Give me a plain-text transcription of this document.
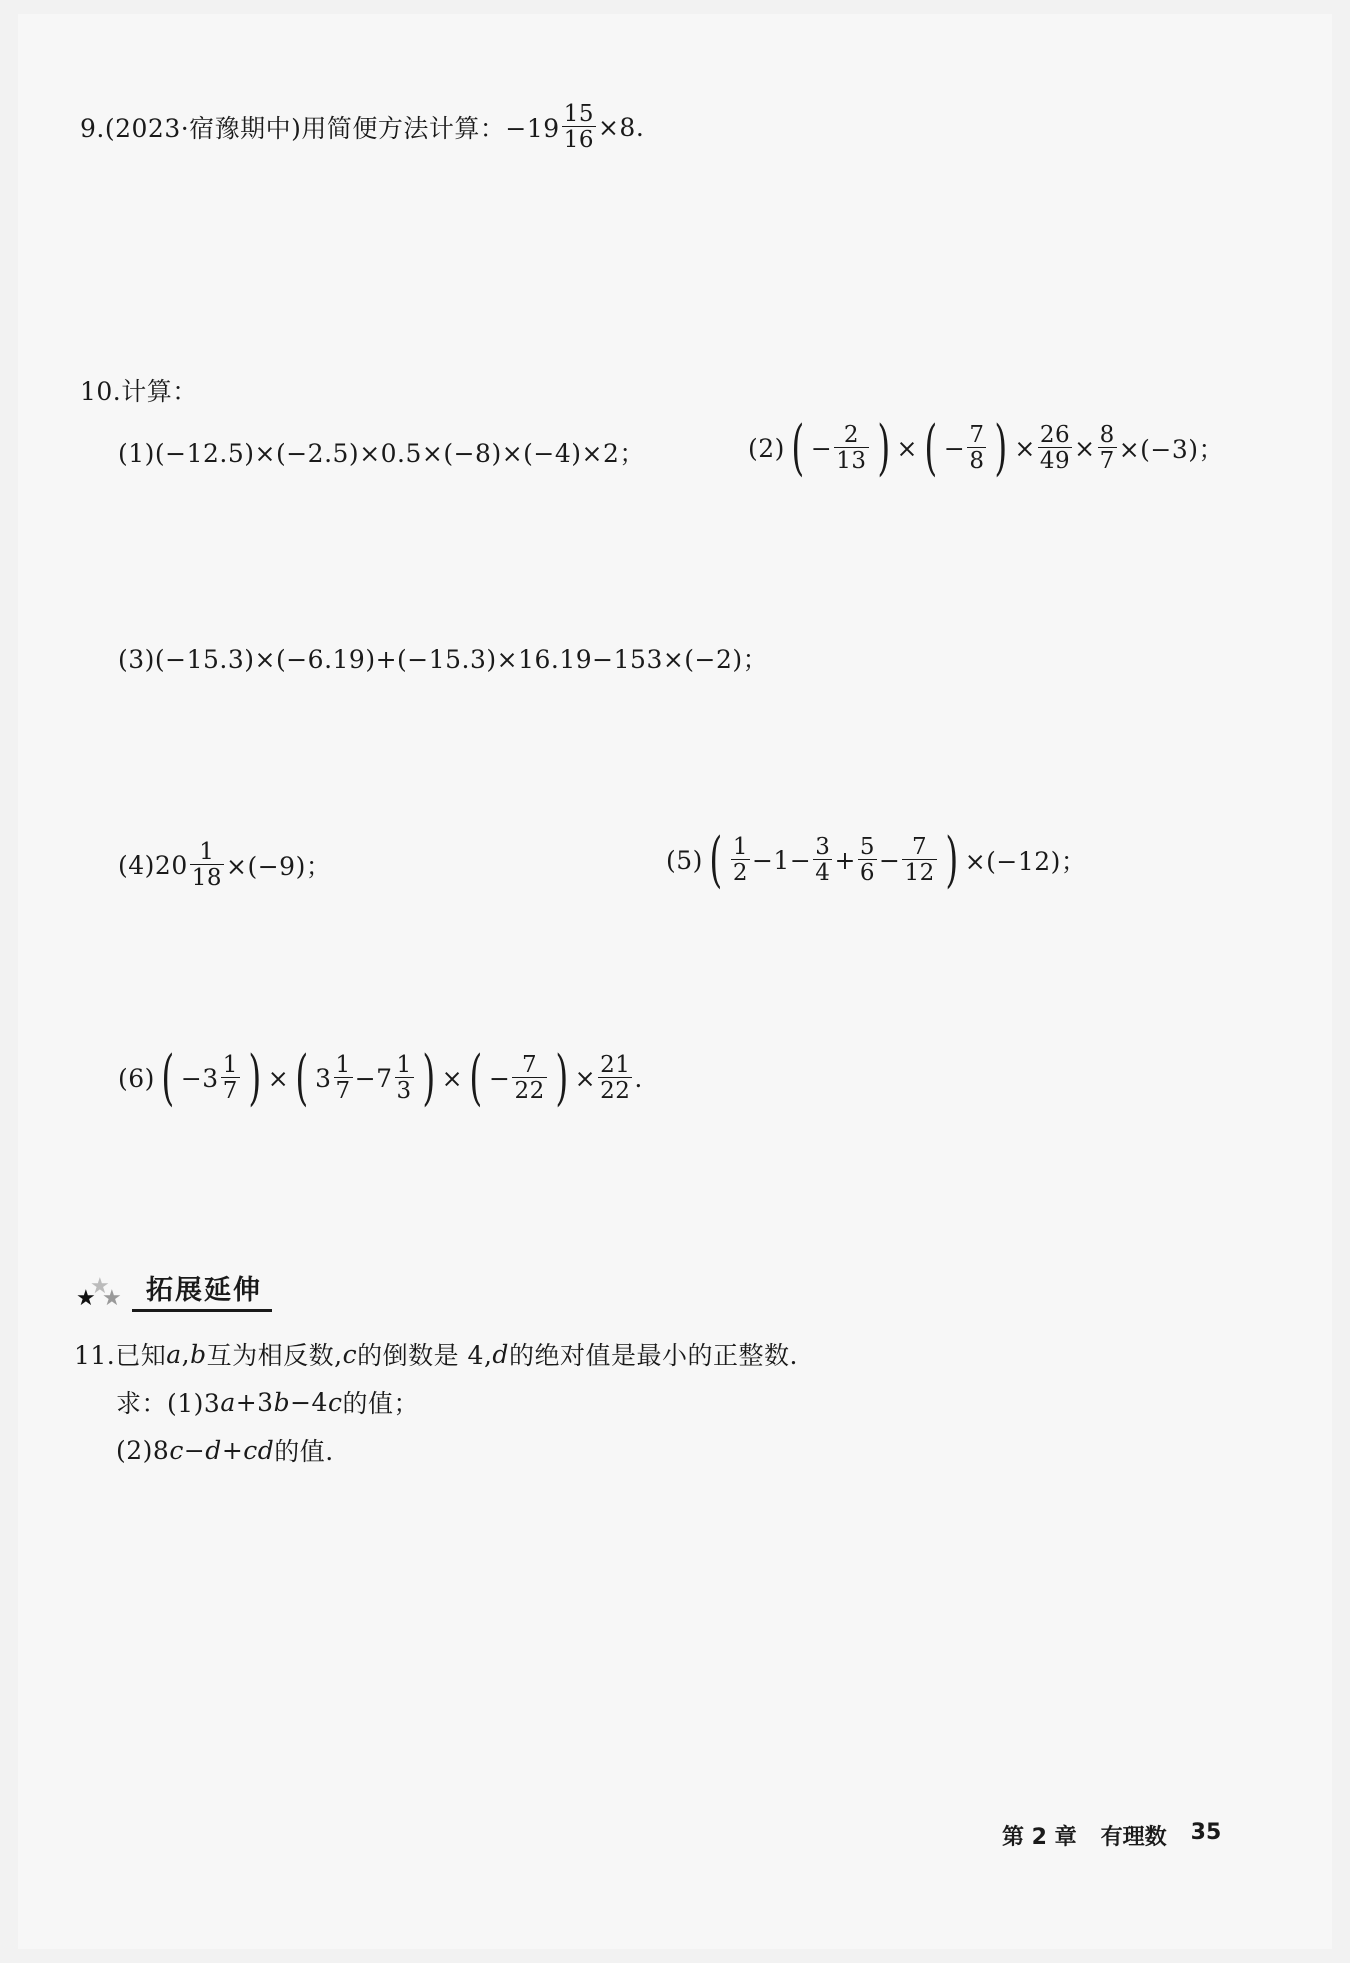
9.(2023·宿豫期中)用简便方法计算：$-19 \frac{15}{16} \times 8$.
10.计算：
(1)(−12.5)×(−2.5)×0.5×(−8)×(−4)×2；	(2) ( − $\frac{2}{13}$ ) × ( − $\frac{7}{8}$ ) × $\frac{26}{49} \times \frac{8}{7} \times(-3)$；
(3)(−15.3)×(−6.19)+(−15.3)×16.19−153×(−2)；
$(4)20 \frac{1}{18} \times(-9)$；	(5) ( $\frac{1}{2} -1- \frac{3}{4} + \frac{5}{6} - \frac{7}{12}$ ) ×(−12)；
(6) ( $-3 \frac{1}{7}$ ) × ( $3 \frac{1}{7} -7 \frac{1}{3}$ ) × ( − $\frac{7}{22}$ ) × $\frac{21}{22}$ .
★
★
★ 拓展延伸
11.已知 a , b 互为相反数, c 的倒数是 4, d 的绝对值是最小的正整数.
求：(1)3 a +3 b −4 c 的值；
(2)8 c − d + cd 的值.
第 2 章 有理数 35
